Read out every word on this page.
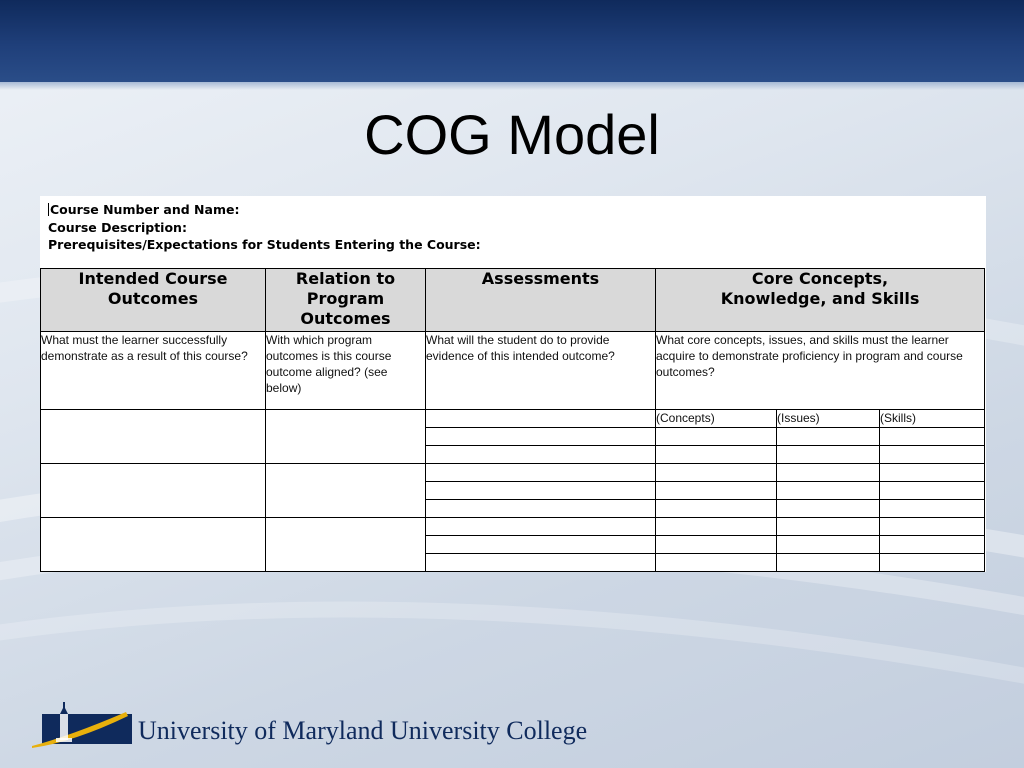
COG Model
Course Number and Name:
Course Description:
Prerequisites/Expectations for Students Entering the Course:
Intended Course Outcomes	Relation to Program Outcomes	Assessments	Core Concepts, Knowledge, and Skills		

What must the learner successfully demonstrate as a result of this course?	With which program outcomes is this course outcome aligned? (see below)	What will the student do to provide evidence of this intended outcome?	What core concepts, issues, and skills must the learner acquire to demonstrate proficiency in program and course outcomes?		
			(Concepts)	(Issues)	(Skills)

University of Maryland University College
